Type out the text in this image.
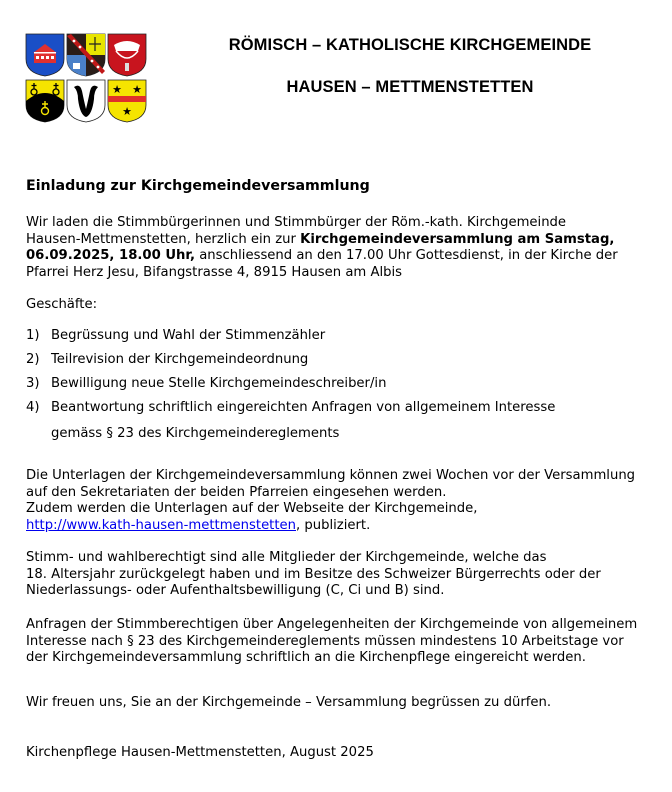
★ ★
★
RÖMISCH – KATHOLISCHE KIRCHGEMEINDE
HAUSEN – METTMENSTETTEN
Einladung zur Kirchgemeindeversammlung
Wir laden die Stimmbürgerinnen und Stimmbürger der Röm.-kath. Kirchgemeinde
Hausen-Mettmenstetten, herzlich ein zur Kirchgemeindeversammlung am Samstag,
06.09.2025, 18.00 Uhr, anschliessend an den 17.00 Uhr Gottesdienst, in der Kirche der
Pfarrei Herz Jesu, Bifangstrasse 4, 8915 Hausen am Albis
Geschäfte:
1) Begrüssung und Wahl der Stimmenzähler
2) Teilrevision der Kirchgemeindeordnung
3) Bewilligung neue Stelle Kirchgemeindeschreiber/in
4) Beantwortung schriftlich eingereichten Anfragen von allgemeinem Interesse
gemäss § 23 des Kirchgemeindereglements
Die Unterlagen der Kirchgemeindeversammlung können zwei Wochen vor der Versammlung
auf den Sekretariaten der beiden Pfarreien eingesehen werden.
Zudem werden die Unterlagen auf der Webseite der Kirchgemeinde,
http://www.kath-hausen-mettmenstetten, publiziert.
Stimm- und wahlberechtigt sind alle Mitglieder der Kirchgemeinde, welche das
18. Altersjahr zurückgelegt haben und im Besitze des Schweizer Bürgerrechts oder der
Niederlassungs- oder Aufenthaltsbewilligung (C, Ci und B) sind.
Anfragen der Stimmberechtigen über Angelegenheiten der Kirchgemeinde von allgemeinem
Interesse nach § 23 des Kirchgemeindereglements müssen mindestens 10 Arbeitstage vor
der Kirchgemeindeversammlung schriftlich an die Kirchenpflege eingereicht werden.
Wir freuen uns, Sie an der Kirchgemeinde – Versammlung begrüssen zu dürfen.
Kirchenpflege Hausen-Mettmenstetten, August 2025
